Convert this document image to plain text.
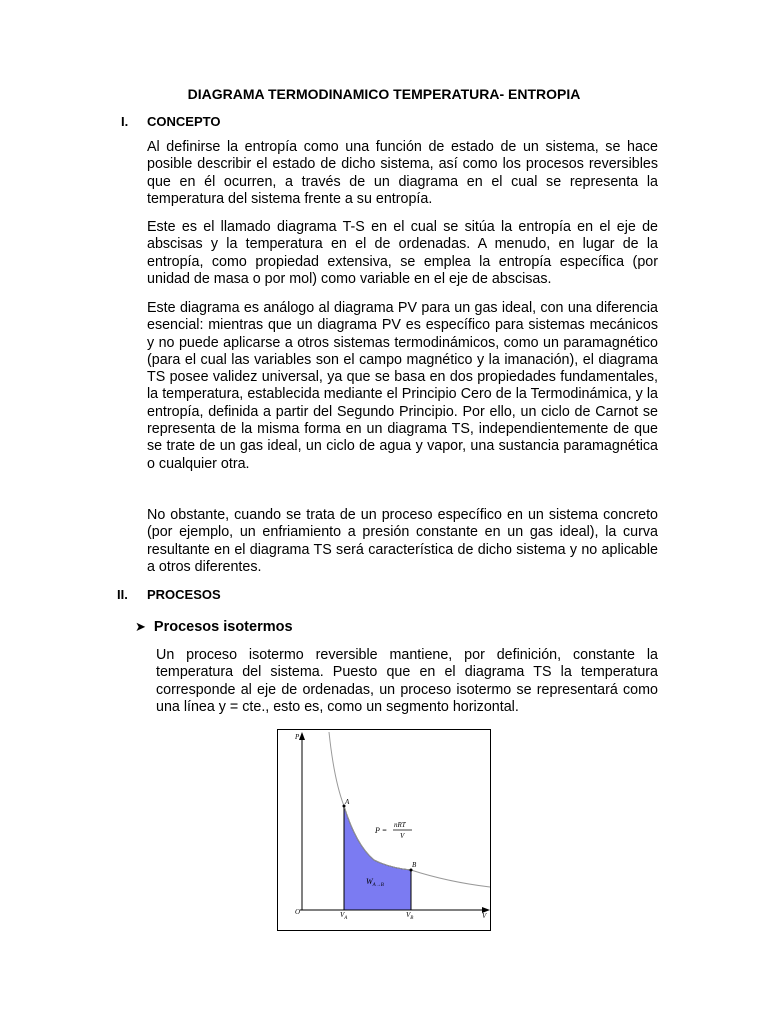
DIAGRAMA TERMODINAMICO TEMPERATURA- ENTROPIA
I. CONCEPTO

Al definirse la entropía como una función de estado de un sistema, se hace posible describir el estado de dicho sistema, así como los procesos reversibles que en él ocurren, a través de un diagrama en el cual se representa la temperatura del sistema frente a su entropía.

Este es el llamado diagrama T-S en el cual se sitúa la entropía en el eje de abscisas y la temperatura en el de ordenadas. A menudo, en lugar de la entropía, como propiedad extensiva, se emplea la entropía específica (por unidad de masa o por mol) como variable en el eje de abscisas.

Este diagrama es análogo al diagrama PV para un gas ideal, con una diferencia esencial: mientras que un diagrama PV es específico para sistemas mecánicos y no puede aplicarse a otros sistemas termodinámicos, como un paramagnético (para el cual las variables son el campo magnético y la imanación), el diagrama TS posee validez universal, ya que se basa en dos propiedades fundamentales, la temperatura, establecida mediante el Principio Cero de la Termodinámica, y la entropía, definida a partir del Segundo Principio. Por ello, un ciclo de Carnot se representa de la misma forma en un diagrama TS, independientemente de que se trate de un gas ideal, un ciclo de agua y vapor, una sustancia paramagnética o cualquier otra.

No obstante, cuando se trata de un proceso específico en un sistema concreto (por ejemplo, un enfriamiento a presión constante en un gas ideal), la curva resultante en el diagrama TS será característica de dicho sistema y no aplicable a otros diferentes.

II. PROCESOS
➤ Procesos isotermos

Un proceso isotermo reversible mantiene, por definición, constante la temperatura del sistema. Puesto que en el diagrama TS la temperatura corresponde al eje de ordenadas, un proceso isotermo se representará como una línea y = cte., esto es, como un segmento horizontal.

P
V
O
A
B
$V_A$	$V_B$
P =
nRT
V
$W_{A\to B}$
